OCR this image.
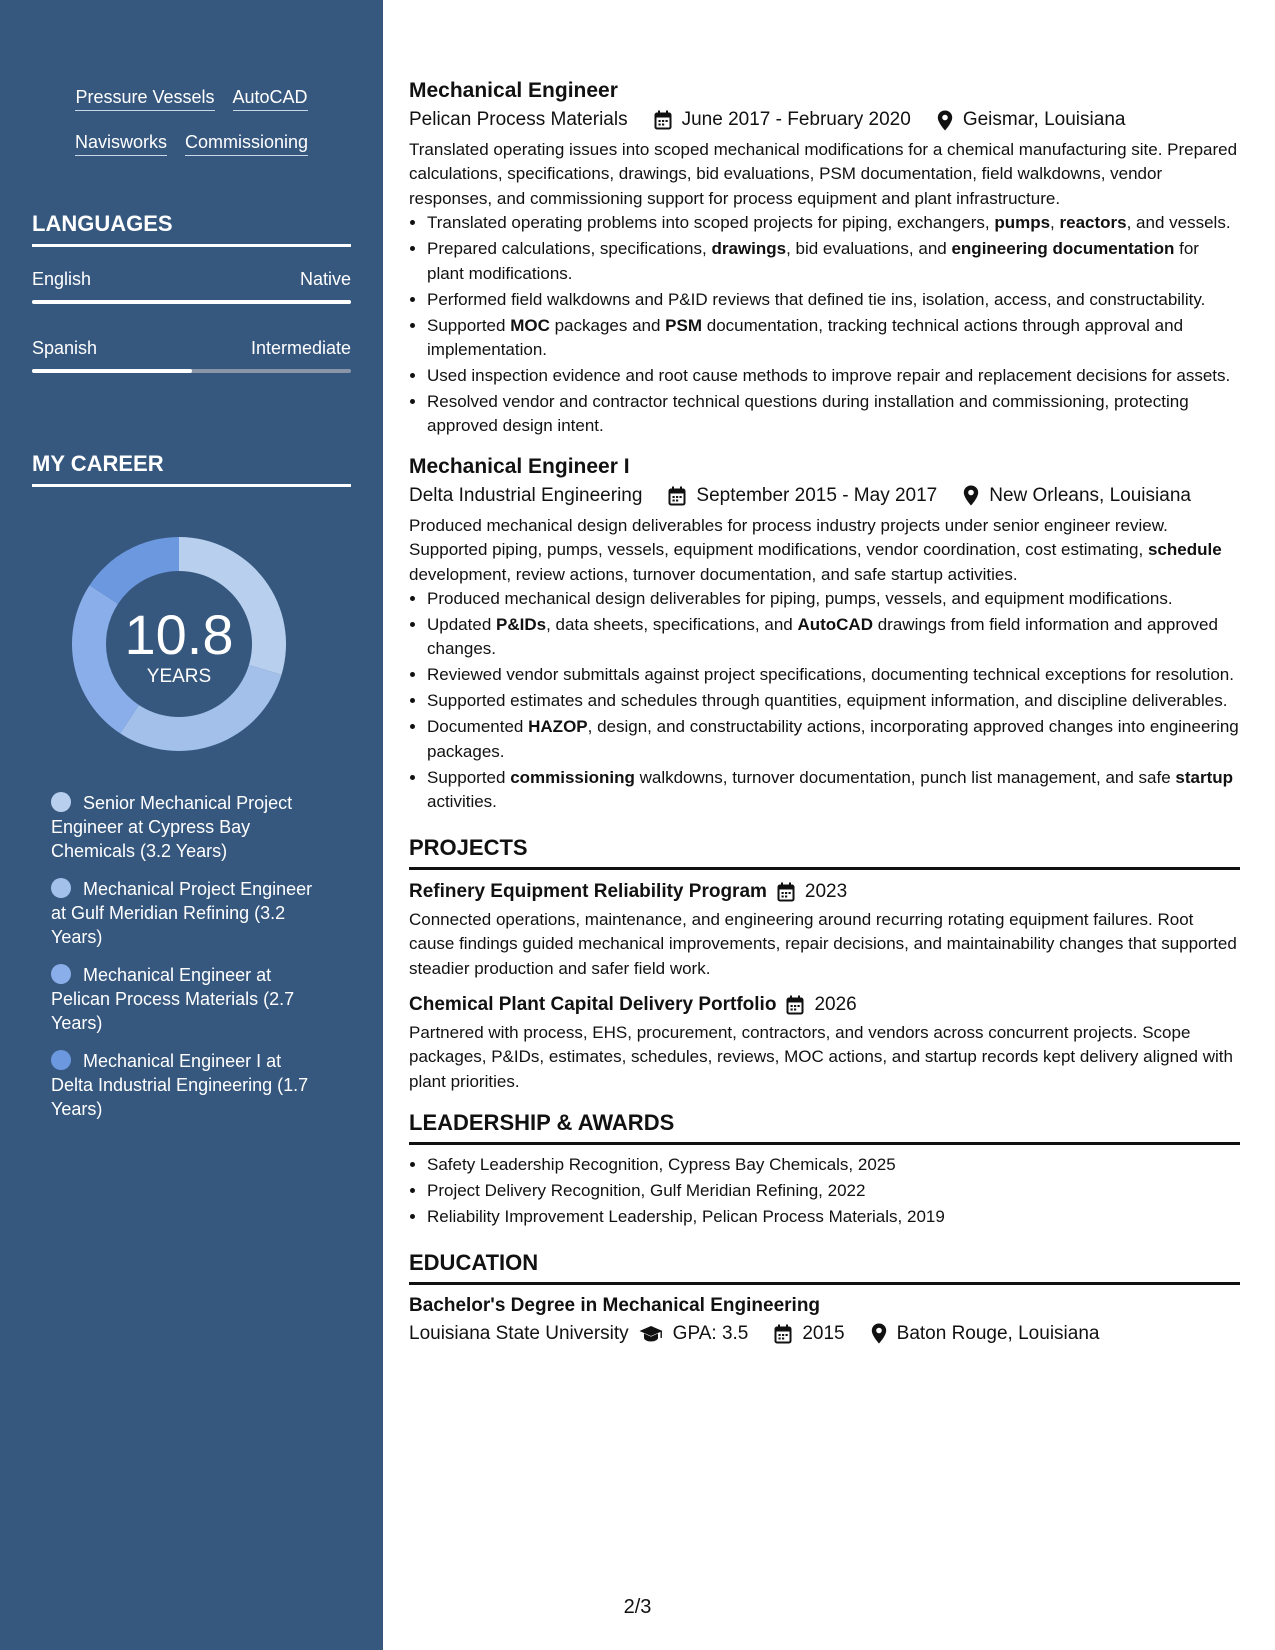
Pressure Vessels AutoCAD
Navisworks Commissioning
LANGUAGES
English	Native
Spanish	Intermediate
MY CAREER
10.8
YEARS
Senior Mechanical Project Engineer at Cypress Bay Chemicals (3.2 Years)
Mechanical Project Engineer at Gulf Meridian Refining (3.2 Years)
Mechanical Engineer at Pelican Process Materials (2.7 Years)
Mechanical Engineer I at Delta Industrial Engineering (1.7 Years)
Mechanical Engineer
Pelican Process Materials	June 2017 - February 2020	Geismar, Louisiana

Translated operating issues into scoped mechanical modifications for a chemical manufacturing site. Prepared calculations, specifications, drawings, bid evaluations, PSM documentation, field walkdowns, vendor responses, and commissioning support for process equipment and plant infrastructure.

• Translated operating problems into scoped projects for piping, exchangers, pumps, reactors, and vessels.
• Prepared calculations, specifications, drawings, bid evaluations, and engineering documentation for plant modifications.
• Performed field walkdowns and P&ID reviews that defined tie ins, isolation, access, and constructability.
• Supported MOC packages and PSM documentation, tracking technical actions through approval and implementation.
• Used inspection evidence and root cause methods to improve repair and replacement decisions for assets.
• Resolved vendor and contractor technical questions during installation and commissioning, protecting approved design intent.
Mechanical Engineer I
Delta Industrial Engineering	September 2015 - May 2017	New Orleans, Louisiana

Produced mechanical design deliverables for process industry projects under senior engineer review. Supported piping, pumps, vessels, equipment modifications, vendor coordination, cost estimating, schedule development, review actions, turnover documentation, and safe startup activities.

• Produced mechanical design deliverables for piping, pumps, vessels, and equipment modifications.
• Updated P&IDs, data sheets, specifications, and AutoCAD drawings from field information and approved changes.
• Reviewed vendor submittals against project specifications, documenting technical exceptions for resolution.
• Supported estimates and schedules through quantities, equipment information, and discipline deliverables.
• Documented HAZOP, design, and constructability actions, incorporating approved changes into engineering packages.
• Supported commissioning walkdowns, turnover documentation, punch list management, and safe startup activities.
PROJECTS
Refinery Equipment Reliability Program 2023

Connected operations, maintenance, and engineering around recurring rotating equipment failures. Root cause findings guided mechanical improvements, repair decisions, and maintainability changes that supported steadier production and safer field work.

Chemical Plant Capital Delivery Portfolio 2026

Partnered with process, EHS, procurement, contractors, and vendors across concurrent projects. Scope packages, P&IDs, estimates, schedules, reviews, MOC actions, and startup records kept delivery aligned with plant priorities.

LEADERSHIP & AWARDS
• Safety Leadership Recognition, Cypress Bay Chemicals, 2025
• Project Delivery Recognition, Gulf Meridian Refining, 2022
• Reliability Improvement Leadership, Pelican Process Materials, 2019
EDUCATION
Bachelor's Degree in Mechanical Engineering
Louisiana State University GPA: 3.5	2015	Baton Rouge, Louisiana
2/3
